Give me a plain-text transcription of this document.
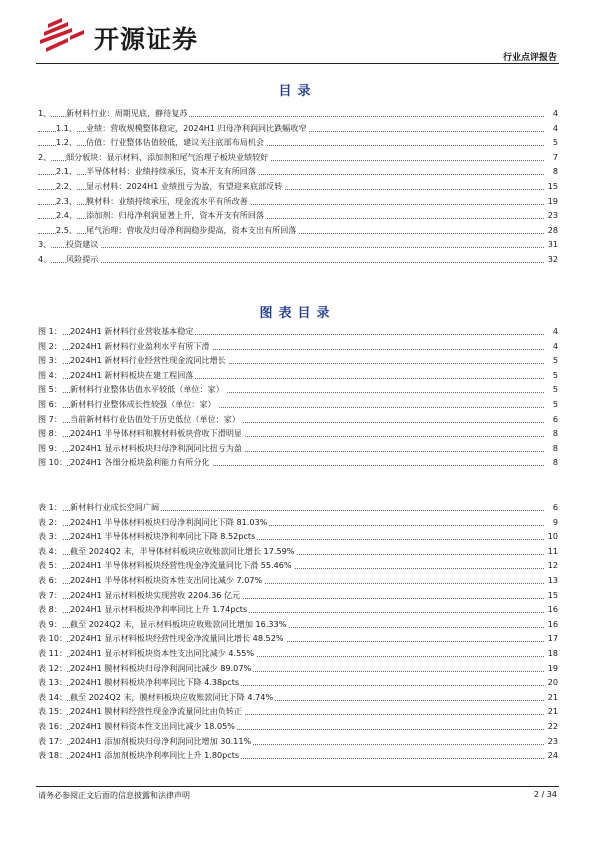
开源证券
行业点评报告
目录
1、 新材料行业：周期见底，静待复苏	4
1.1、 业绩：营收规模整体稳定，2024H1 归母净利润同比跌幅收窄	4
1.2、 估值：行业整体估值较低，建议关注底部布局机会	5
2、 细分板块：显示材料、添加剂和尾气治理子板块业绩较好	7
2.1、 半导体材料：业绩持续承压，资本开支有所回落	8
2.2、 显示材料：2024H1 业绩扭亏为盈，有望迎来底部反转	15
2.3、 膜材料：业绩持续承压，现金流水平有所改善	19
2.4、 添加剂：归母净利润显著上升，资本开支有所回落	23
2.5、 尾气治理：营收及归母净利润稳步提高，资本支出有所回落	28
3、 投资建议	31
4、 风险提示	32
图表目录
图 1： 2024H1 新材料行业营收基本稳定	4
图 2： 2024H1 新材料行业盈利水平有所下滑	4
图 3： 2024H1 新材料行业经营性现金流同比增长	5
图 4： 2024H1 新材料板块在建工程回落	5
图 5： 新材料行业整体估值水平较低（单位：家）	5
图 6： 新材料行业整体成长性较强（单位：家）	5
图 7： 当前新材料行业估值处于历史低位（单位：家）	6
图 8： 2024H1 半导体材料和膜材料板块营收下滑明显	8
图 9： 2024H1 显示材料板块归母净利润同比扭亏为盈	8
图 10： 2024H1 各细分板块盈利能力有所分化	8
表 1： 新材料行业成长空间广阔	6
表 2： 2024H1 半导体材料板块归母净利润同比下降 81.03%	9
表 3： 2024H1 半导体材料板块净利率同比下降 8.52pcts	10
表 4： 截至 2024Q2 末，半导体材料板块应收账款同比增长 17.59%	11
表 5： 2024H1 半导体材料板块经营性现金净流量同比下滑 55.46%	12
表 6： 2024H1 半导体材料板块资本性支出同比减少 7.07%	13
表 7： 2024H1 显示材料板块实现营收 2204.36 亿元	15
表 8： 2024H1 显示材料板块净利率同比上升 1.74pcts	16
表 9： 截至 2024Q2 末，显示材料板块应收账款同比增加 16.33%	16
表 10： 2024H1 显示材料板块经营性现金净流量同比增长 48.52%	17
表 11： 2024H1 显示材料板块资本性支出同比减少 4.55%	18
表 12： 2024H1 膜材料板块归母净利润同比减少 89.07%	19
表 13： 2024H1 膜材料板块净利率同比下降 4.38pcts	20
表 14： 截至 2024Q2 末，膜材料板块应收账款同比下降 4.74%	21
表 15： 2024H1 膜材料经营性现金净流量同比由负转正	21
表 16： 2024H1 膜材料资本性支出同比减少 18.05%	22
表 17： 2024H1 添加剂板块归母净利润同比增加 30.11%	23
表 18： 2024H1 添加剂板块净利率同比上升 1.80pcts	24
请务必参阅正文后面的信息披露和法律声明	2 / 34
